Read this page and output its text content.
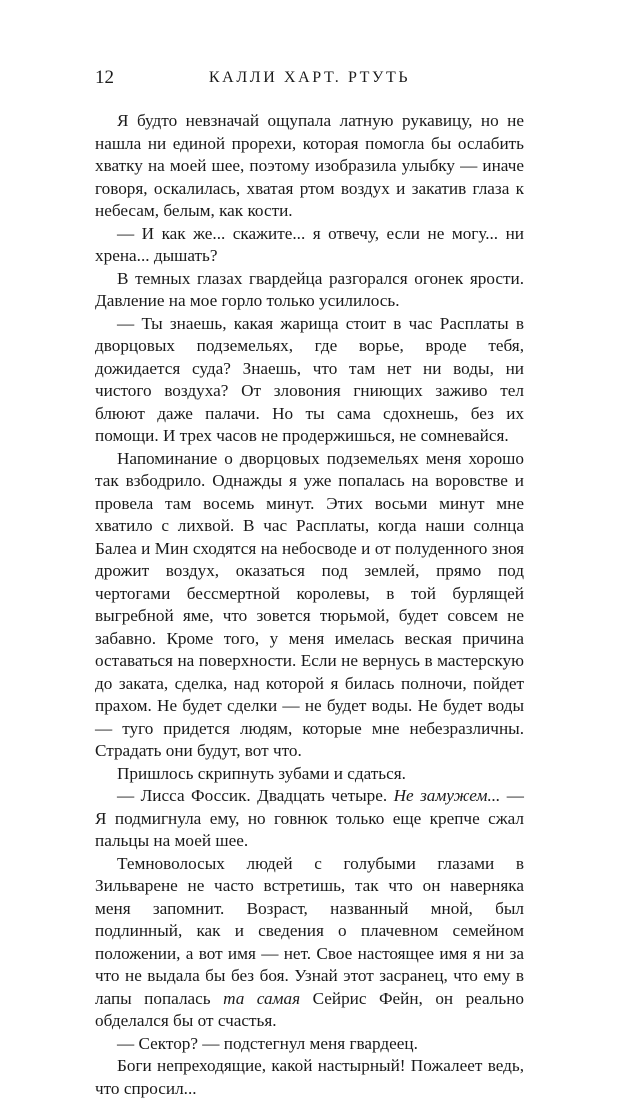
12	КАЛЛИ ХАРТ. РТУТЬ

Я будто невзначай ощупала латную рукавицу, но не нашла ни единой прорехи, которая помогла бы ослабить хватку на моей шее, поэтому изобразила улыбку — иначе говоря, оскалилась, хватая ртом воздух и закатив глаза к небесам, белым, как кости.

— И как же... скажите... я отвечу, если не могу... ни хрена... дышать?

В темных глазах гвардейца разгорался огонек ярости. Давление на мое горло только усилилось.

— Ты знаешь, какая жарища стоит в час Расплаты в дворцовых подземельях, где ворье, вроде тебя, дожидается суда? Знаешь, что там нет ни воды, ни чистого воздуха? От зловония гниющих заживо тел блюют даже палачи. Но ты сама сдохнешь, без их помощи. И трех часов не продержишься, не сомневайся.

Напоминание о дворцовых подземельях меня хорошо так взбодрило. Однажды я уже попалась на воровстве и провела там восемь минут. Этих восьми минут мне хватило с лихвой. В час Расплаты, когда наши солнца Балеа и Мин сходятся на небосводе и от полуденного зноя дрожит воздух, оказаться под землей, прямо под чертогами бессмертной королевы, в той бурлящей выгребной яме, что зовется тюрьмой, будет совсем не забавно. Кроме того, у меня имелась веская причина оставаться на поверхности. Если не вернусь в мастерскую до заката, сделка, над которой я билась полночи, пойдет прахом. Не будет сделки — не будет воды. Не будет воды — туго придется людям, которые мне небезразличны. Страдать они будут, вот что.

Пришлось скрипнуть зубами и сдаться.

— Лисса Фоссик. Двадцать четыре. Не замужем... — Я подмигнула ему, но говнюк только еще крепче сжал пальцы на моей шее.

Темноволосых людей с голубыми глазами в Зильварене не часто встретишь, так что он наверняка меня запомнит. Возраст, названный мной, был подлинный, как и сведения о плачевном семейном положении, а вот имя — нет. Свое настоящее имя я ни за что не выдала бы без боя. Узнай этот засранец, что ему в лапы попалась та самая Сейрис Фейн, он реально обделался бы от счастья.

— Сектор? — подстегнул меня гвардеец.

Боги непреходящие, какой настырный! Пожалеет ведь, что спросил...
